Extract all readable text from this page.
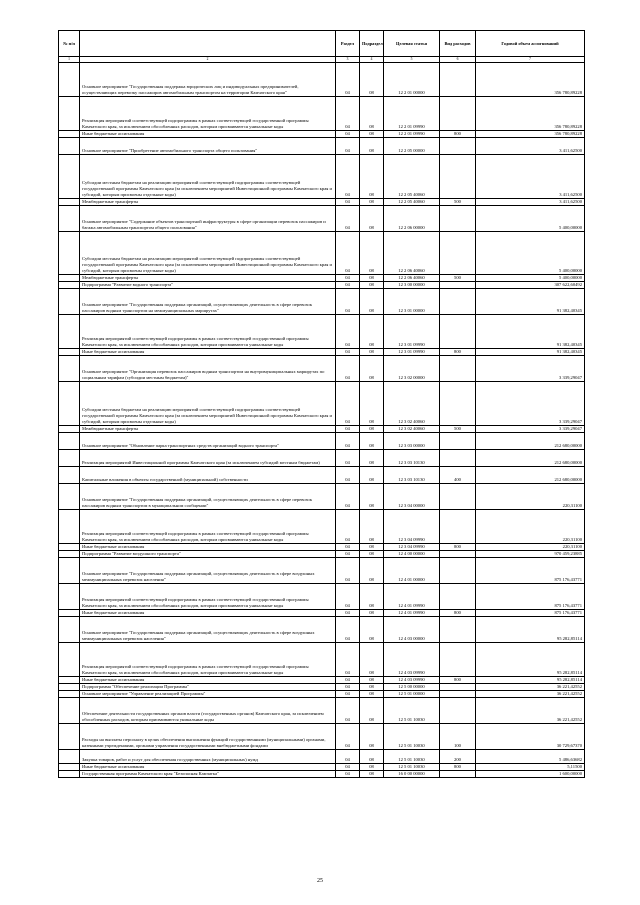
№ п/п		Раздел	Подраздел	Целевая статья	Вид расходов	Годовой объем ассигнований
1	2	3	4	5	6	7
	Основное мероприятие "Государственная поддержка юридических лиц и индивидуальных предпринимателей, осуществляющих перевозку пассажиров автомобильным транспортом на территории Камчатского края"	04	08	12 2 01 00000		356 780,89228
	Реализация мероприятий соответствующей подпрограммы в рамках соответствующей государственной программы Камчатского края, за исключением обособленных расходов, которым присваиваются уникальные коды	04	08	12 2 01 09990		356 780,89228
	Иные бюджетные ассигнования	04	08	12 2 01 09990	800	356 780,89228
	Основное мероприятие "Приобретение автомобильного транспорта общего пользования"	04	08	12 2 05 00000		3 411,62500
	Субсидии местным бюджетам на реализацию мероприятий соответствующей подпрограммы соответствующей государственной программы Камчатского края (за исключением мероприятий Инвестиционной программы Камчатского края и субсидий, которым присвоены отдельные коды)	04	08	12 2 05 40060		3 411,62500
	Межбюджетные трансферты	04	08	12 2 05 40060	500	3 411,62500
	Основное мероприятие "Содержание объектов транспортной инфраструктуры в сфере организации перевозок пассажиров и багажа автомобильным транспортом общего пользования"	04	08	12 2 06 00000		5 400,00000
	Субсидии местным бюджетам на реализацию мероприятий соответствующей подпрограммы соответствующей государственной программы Камчатского края (за исключением мероприятий Инвестиционной программы Камчатского края и субсидий, которым присвоены отдельные коды)	04	08	12 2 06 40060		5 400,00000
	Межбюджетные трансферты	04	08	12 2 06 40060	500	5 400,00000
	Подпрограмма "Развитие водного транспорта"	04	08	12 3 00 00000		307 622,60492
	Основное мероприятие "Государственная поддержка организаций, осуществляющих деятельность в сфере перевозок пассажиров водным транспортом на межмуниципальных маршрутах"	04	08	12 3 01 00000		91 382,40345
	Реализация мероприятий соответствующей подпрограммы в рамках соответствующей государственной программы Камчатского края, за исключением обособленных расходов, которым присваиваются уникальные коды	04	08	12 3 01 09990		91 382,40345
	Иные бюджетные ассигнования	04	08	12 3 01 09990	800	91 382,40345
	Основное мероприятие "Организация перевозок пассажиров водным транспортом на внутримуниципальных маршрутах по социальным тарифам (субсидии местным бюджетам)"	04	08	12 3 02 00000		3 339,29047
	Субсидии местным бюджетам на реализацию мероприятий соответствующей подпрограммы соответствующей государственной программы Камчатского края (за исключением мероприятий Инвестиционной программы Камчатского края и субсидий, которым присвоены отдельные коды)	04	08	12 3 02 40060		3 339,29047
	Межбюджетные трансферты	04	08	12 3 02 40060	500	3 339,29047
	Основное мероприятие "Обновление парка транспортных средств организаций водного транспорта"	04	08	12 3 03 00000		212 680,00000
	Реализация мероприятий Инвестиционной программы Камчатского края (за исключением субсидий местным бюджетам)	04	08	12 3 03 10130		212 680,00000
	Капитальные вложения в объекты государственной (муниципальной) собственности	04	08	12 3 03 10130	400	212 680,00000
	Основное мероприятие "Государственная поддержка организаций, осуществляющих деятельность в сфере перевозок пассажиров водным транспортом в муниципальном сообщении"	04	08	12 3 04 00000		220,31100
	Реализация мероприятий соответствующей подпрограммы в рамках соответствующей государственной программы Камчатского края, за исключением обособленных расходов, которым присваиваются уникальные коды	04	08	12 3 04 09990		220,31100
	Иные бюджетные ассигнования	04	08	12 3 04 09990	800	220,31100
	Подпрограмма "Развитие воздушного транспорта"	04	08	12 4 00 00000		970 459,23885
	Основное мероприятие "Государственная поддержка организаций, осуществляющих деятельность в сфере воздушных межмуниципальных перевозок населения"	04	08	12 4 01 00000		875 176,43771
	Реализация мероприятий соответствующей подпрограммы в рамках соответствующей государственной программы Камчатского края, за исключением обособленных расходов, которым присваиваются уникальные коды	04	08	12 4 01 09990		875 176,43771
	Иные бюджетные ассигнования	04	08	12 4 01 09990	800	875 176,43771
	Основное мероприятие "Государственная поддержка организаций, осуществляющих деятельность в сфере воздушных межмуниципальных перевозок населения"	04	08	12 4 03 00000		95 282,85114
	Реализация мероприятий соответствующей подпрограммы в рамках соответствующей государственной программы Камчатского края, за исключением обособленных расходов, которым присваиваются уникальные коды	04	08	12 4 03 09990		95 282,85114
	Иные бюджетные ассигнования	04	08	12 4 03 09990	800	95 282,85114
	Подпрограмма "Обеспечение реализации Программы"	04	08	12 5 00 00000		36 221,42552
	Основное мероприятие "Управление реализацией Программы"	04	08	12 5 01 00000		36 221,42552
	Обеспечение деятельности государственных органов власти (государственных органов) Камчатского края, за исключением обособленных расходов, которым присваиваются уникальные коды	04	08	12 5 01 10030		36 221,42552
	Расходы на выплаты персоналу в целях обеспечения выполнения функций государственными (муниципальными) органами, казенными учреждениями, органами управления государственными внебюджетными фондами	04	08	12 5 01 10030	100	30 729,67370
	Закупка товаров, работ и услуг для обеспечения государственных (муниципальных) нужд	04	08	12 5 01 10030	200	5 486,63682
	Иные бюджетные ассигнования	04	08	12 5 01 10030	800	5,11500
	Государственная программа Камчатского края "Безопасная Камчатка"	04	08	16 0 00 00000		1 600,00000
25
